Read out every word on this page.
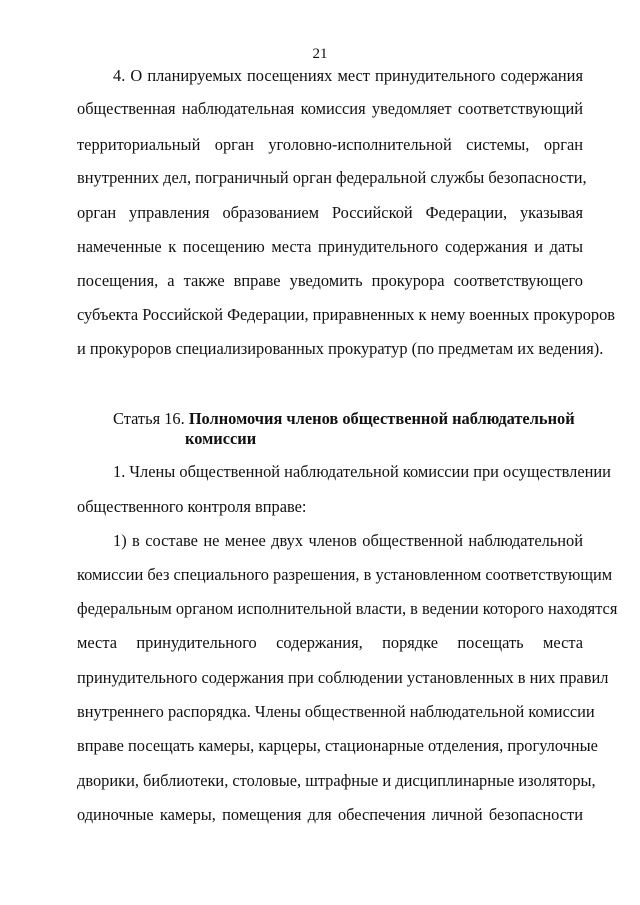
21
4. О планируемых посещениях мест принудительного содержания
общественная наблюдательная комиссия уведомляет соответствующий
территориальный орган уголовно-исполнительной системы, орган
внутренних дел, пограничный орган федеральной службы безопасности,
орган управления образованием Российской Федерации, указывая
намеченные к посещению места принудительного содержания и даты
посещения, а также вправе уведомить прокурора соответствующего
субъекта Российской Федерации, приравненных к нему военных прокуроров
и прокуроров специализированных прокуратур (по предметам их ведения).
Статья 16. Полномочия членов общественной наблюдательной
комиссии
1. Члены общественной наблюдательной комиссии при осуществлении
общественного контроля вправе:
1) в составе не менее двух членов общественной наблюдательной
комиссии без специального разрешения, в установленном соответствующим
федеральным органом исполнительной власти, в ведении которого находятся
места принудительного содержания, порядке посещать места
принудительного содержания при соблюдении установленных в них правил
внутреннего распорядка. Члены общественной наблюдательной комиссии
вправе посещать камеры, карцеры, стационарные отделения, прогулочные
дворики, библиотеки, столовые, штрафные и дисциплинарные изоляторы,
одиночные камеры, помещения для обеспечения личной безопасности
